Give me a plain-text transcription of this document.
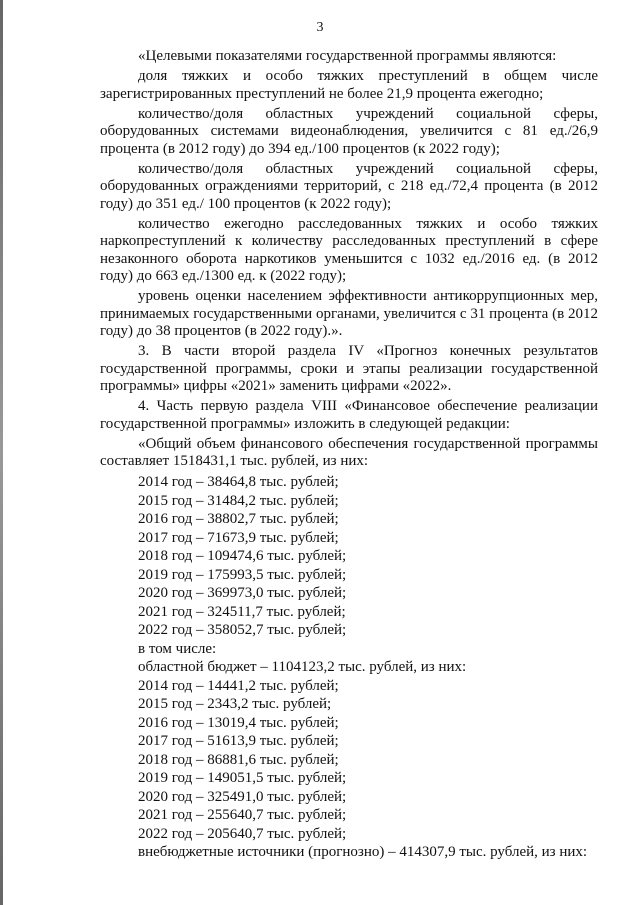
3

«Целевыми показателями государственной программы являются:

доля тяжких и особо тяжких преступлений в общем числе зарегистрированных преступлений не более 21,9 процента ежегодно;

количество/доля областных учреждений социальной сферы, оборудованных системами видеонаблюдения, увеличится с 81 ед./26,9 процента (в 2012 году) до 394 ед./100 процентов (к 2022 году);

количество/доля областных учреждений социальной сферы, оборудованных ограждениями территорий, с 218 ед./72,4 процента (в 2012 году) до 351 ед./ 100 процентов (к 2022 году);

количество ежегодно расследованных тяжких и особо тяжких наркопреступлений к количеству расследованных преступлений в сфере незаконного оборота наркотиков уменьшится с 1032 ед./2016 ед. (в 2012 году) до 663 ед./1300 ед. к (2022 году);

уровень оценки населением эффективности антикоррупционных мер, принимаемых государственными органами, увеличится с 31 процента (в 2012 году) до 38 процентов (в 2022 году).».

3. В части второй раздела IV «Прогноз конечных результатов государственной программы, сроки и этапы реализации государственной программы» цифры «2021» заменить цифрами «2022».

4. Часть первую раздела VIII «Финансовое обеспечение реализации государственной программы» изложить в следующей редакции:

«Общий объем финансового обеспечения государственной программы составляет 1518431,1 тыс. рублей, из них:

2014 год – 38464,8 тыс. рублей;

2015 год – 31484,2 тыс. рублей;

2016 год – 38802,7 тыс. рублей;

2017 год – 71673,9 тыс. рублей;

2018 год – 109474,6 тыс. рублей;

2019 год – 175993,5 тыс. рублей;

2020 год – 369973,0 тыс. рублей;

2021 год – 324511,7 тыс. рублей;

2022 год – 358052,7 тыс. рублей;

в том числе:

областной бюджет – 1104123,2 тыс. рублей, из них:

2014 год – 14441,2 тыс. рублей;

2015 год – 2343,2 тыс. рублей;

2016 год – 13019,4 тыс. рублей;

2017 год – 51613,9 тыс. рублей;

2018 год – 86881,6 тыс. рублей;

2019 год – 149051,5 тыс. рублей;

2020 год – 325491,0 тыс. рублей;

2021 год – 255640,7 тыс. рублей;

2022 год – 205640,7 тыс. рублей;

внебюджетные источники (прогнозно) – 414307,9 тыс. рублей, из них:
